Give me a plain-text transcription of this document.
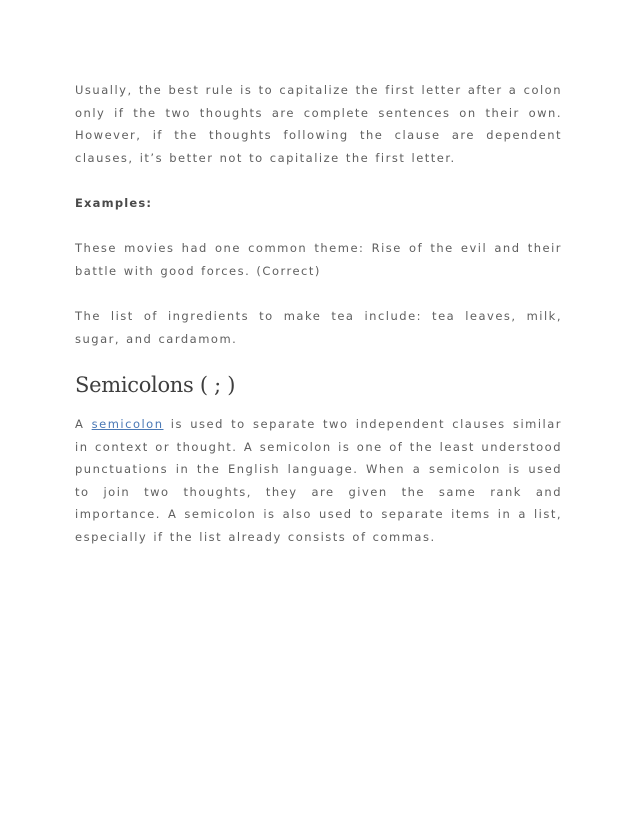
Usually, the best rule is to capitalize the first letter after a colon only if the two thoughts are complete sentences on their own. However, if the thoughts following the clause are dependent clauses, it’s better not to capitalize the first letter.

Examples:

These movies had one common theme: Rise of the evil and their battle with good forces. (Correct)

The list of ingredients to make tea include: tea leaves, milk, sugar, and cardamom.

Semicolons ( ; )

A semicolon is used to separate two independent clauses similar in context or thought. A semicolon is one of the least understood punctuations in the English language. When a semicolon is used to join two thoughts, they are given the same rank and importance. A semicolon is also used to separate items in a list, especially if the list already consists of commas.
